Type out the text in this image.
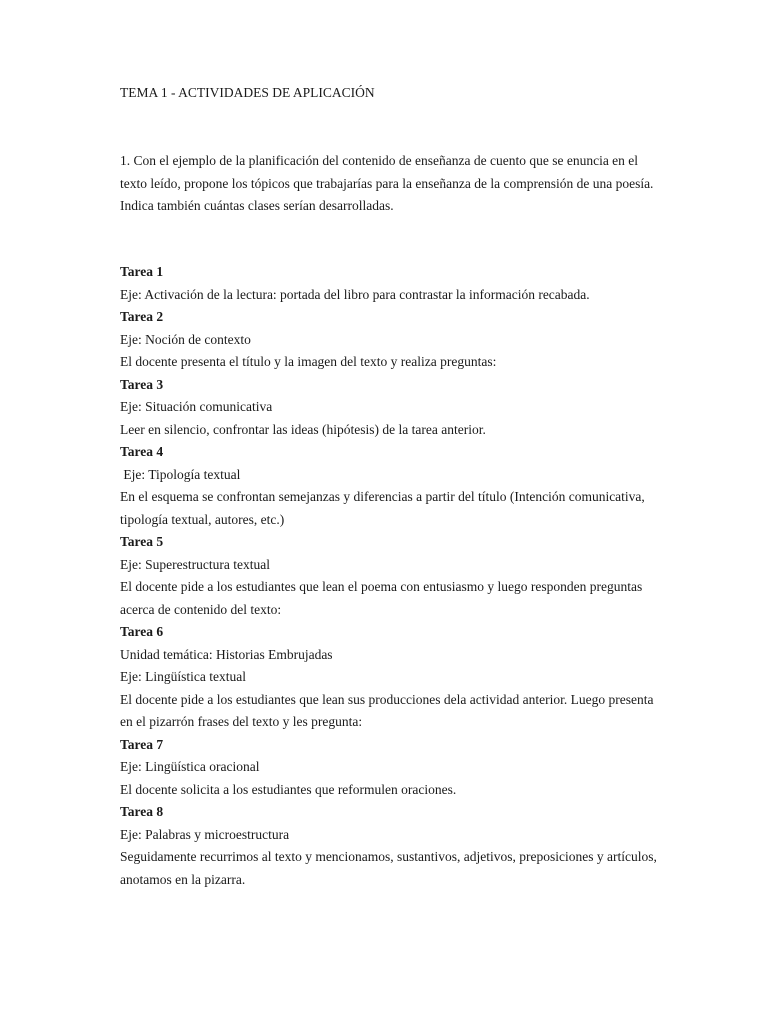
TEMA 1 - ACTIVIDADES DE APLICACIÓN

1. Con el ejemplo de la planificación del contenido de enseñanza de cuento que se enuncia en el texto leído, propone los tópicos que trabajarías para la enseñanza de la comprensión de una poesía. Indica también cuántas clases serían desarrolladas.

Tarea 1

Eje: Activación de la lectura: portada del libro para contrastar la información recabada.

Tarea 2

Eje: Noción de contexto

El docente presenta el título y la imagen del texto y realiza preguntas:

Tarea 3

Eje: Situación comunicativa

Leer en silencio, confrontar las ideas (hipótesis) de la tarea anterior.

Tarea 4

Eje: Tipología textual

En el esquema se confrontan semejanzas y diferencias a partir del título (Intención comunicativa, tipología textual, autores, etc.)

Tarea 5

Eje: Superestructura textual

El docente pide a los estudiantes que lean el poema con entusiasmo y luego responden preguntas acerca de contenido del texto:

Tarea 6

Unidad temática: Historias Embrujadas

Eje: Lingüística textual

El docente pide a los estudiantes que lean sus producciones dela actividad anterior. Luego presenta en el pizarrón frases del texto y les pregunta:

Tarea 7

Eje: Lingüística oracional

El docente solicita a los estudiantes que reformulen oraciones.

Tarea 8

Eje: Palabras y microestructura

Seguidamente recurrimos al texto y mencionamos, sustantivos, adjetivos, preposiciones y artículos, anotamos en la pizarra.
